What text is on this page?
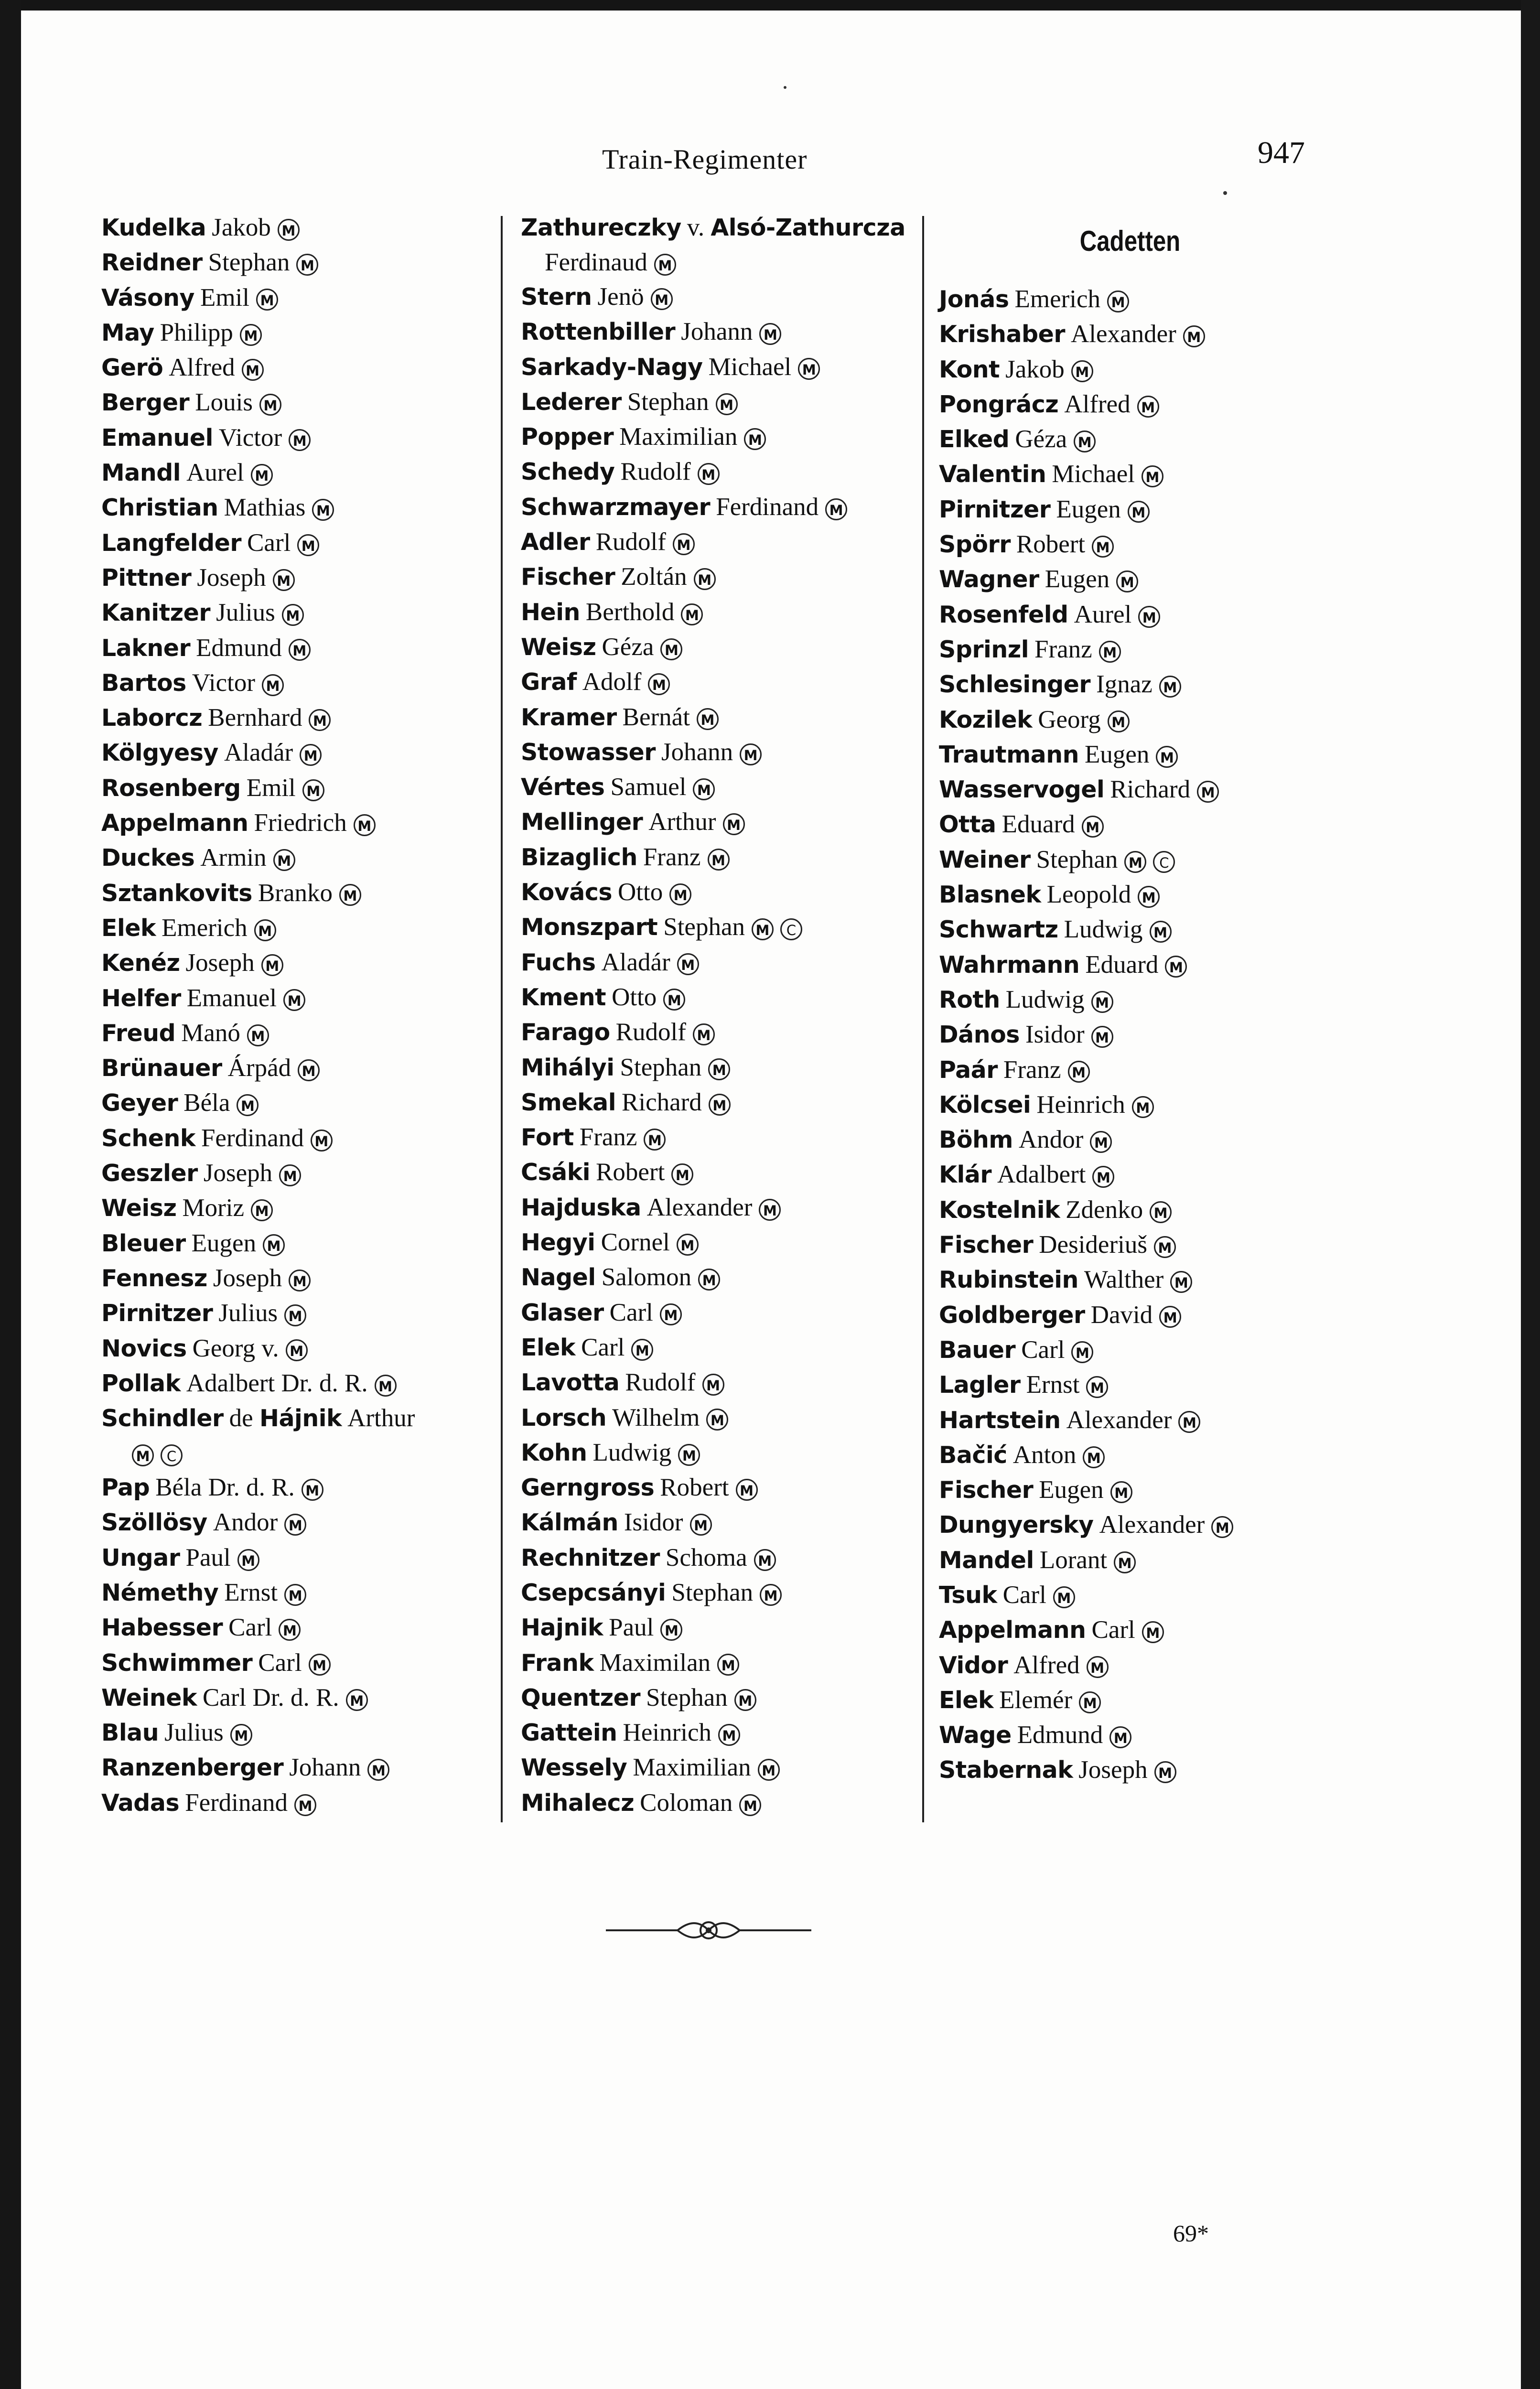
Train-Regimenter	947
Kudelka Jakob M
Reidner Stephan M
Vásony Emil M
May Philipp M
Gerö Alfred M
Berger Louis M
Emanuel Victor M
Mandl Aurel M
Christian Mathias M
Langfelder Carl M
Pittner Joseph M
Kanitzer Julius M
Lakner Edmund M
Bartos Victor M
Laborcz Bernhard M
Kölgyesy Aladár M
Rosenberg Emil M
Appelmann Friedrich M
Duckes Armin M
Sztankovits Branko M
Elek Emerich M
Kenéz Joseph M
Helfer Emanuel M
Freud Manó M
Brünauer Árpád M
Geyer Béla M
Schenk Ferdinand M
Geszler Joseph M
Weisz Moriz M
Bleuer Eugen M
Fennesz Joseph M
Pirnitzer Julius M
Novics Georg v. M
Pollak Adalbert Dr. d. R. M
Schindler de Hájnik Arthur
M C
Pap Béla Dr. d. R. M
Szöllösy Andor M
Ungar Paul M
Némethy Ernst M
Habesser Carl M
Schwimmer Carl M
Weinek Carl Dr. d. R. M
Blau Julius M
Ranzenberger Johann M
Vadas Ferdinand M
Zathureczky v. Alsó-Zathurcza
Ferdinaud M
Stern Jenö M
Rottenbiller Johann M
Sarkady-Nagy Michael M
Lederer Stephan M
Popper Maximilian M
Schedy Rudolf M
Schwarzmayer Ferdinand M
Adler Rudolf M
Fischer Zoltán M
Hein Berthold M
Weisz Géza M
Graf Adolf M
Kramer Bernát M
Stowasser Johann M
Vértes Samuel M
Mellinger Arthur M
Bizaglich Franz M
Kovács Otto M
Monszpart Stephan M C
Fuchs Aladár M
Kment Otto M
Farago Rudolf M
Mihályi Stephan M
Smekal Richard M
Fort Franz M
Csáki Robert M
Hajduska Alexander M
Hegyi Cornel M
Nagel Salomon M
Glaser Carl M
Elek Carl M
Lavotta Rudolf M
Lorsch Wilhelm M
Kohn Ludwig M
Gerngross Robert M
Kálmán Isidor M
Rechnitzer Schoma M
Csepcsányi Stephan M
Hajnik Paul M
Frank Maximilan M
Quentzer Stephan M
Gattein Heinrich M
Wessely Maximilian M
Mihalecz Coloman M
Cadetten
Jonás Emerich M
Krishaber Alexander M
Kont Jakob M
Pongrácz Alfred M
Elked Géza M
Valentin Michael M
Pirnitzer Eugen M
Spörr Robert M
Wagner Eugen M
Rosenfeld Aurel M
Sprinzl Franz M
Schlesinger Ignaz M
Kozilek Georg M
Trautmann Eugen M
Wasservogel Richard M
Otta Eduard M
Weiner Stephan M C
Blasnek Leopold M
Schwartz Ludwig M
Wahrmann Eduard M
Roth Ludwig M
Dános Isidor M
Paár Franz M
Kölcsei Heinrich M
Böhm Andor M
Klár Adalbert M
Kostelnik Zdenko M
Fischer Desideriuš M
Rubinstein Walther M
Goldberger David M
Bauer Carl M
Lagler Ernst M
Hartstein Alexander M
Bačić Anton M
Fischer Eugen M
Dungyersky Alexander M
Mandel Lorant M
Tsuk Carl M
Appelmann Carl M
Vidor Alfred M
Elek Elemér M
Wage Edmund M
Stabernak Joseph M
69*
